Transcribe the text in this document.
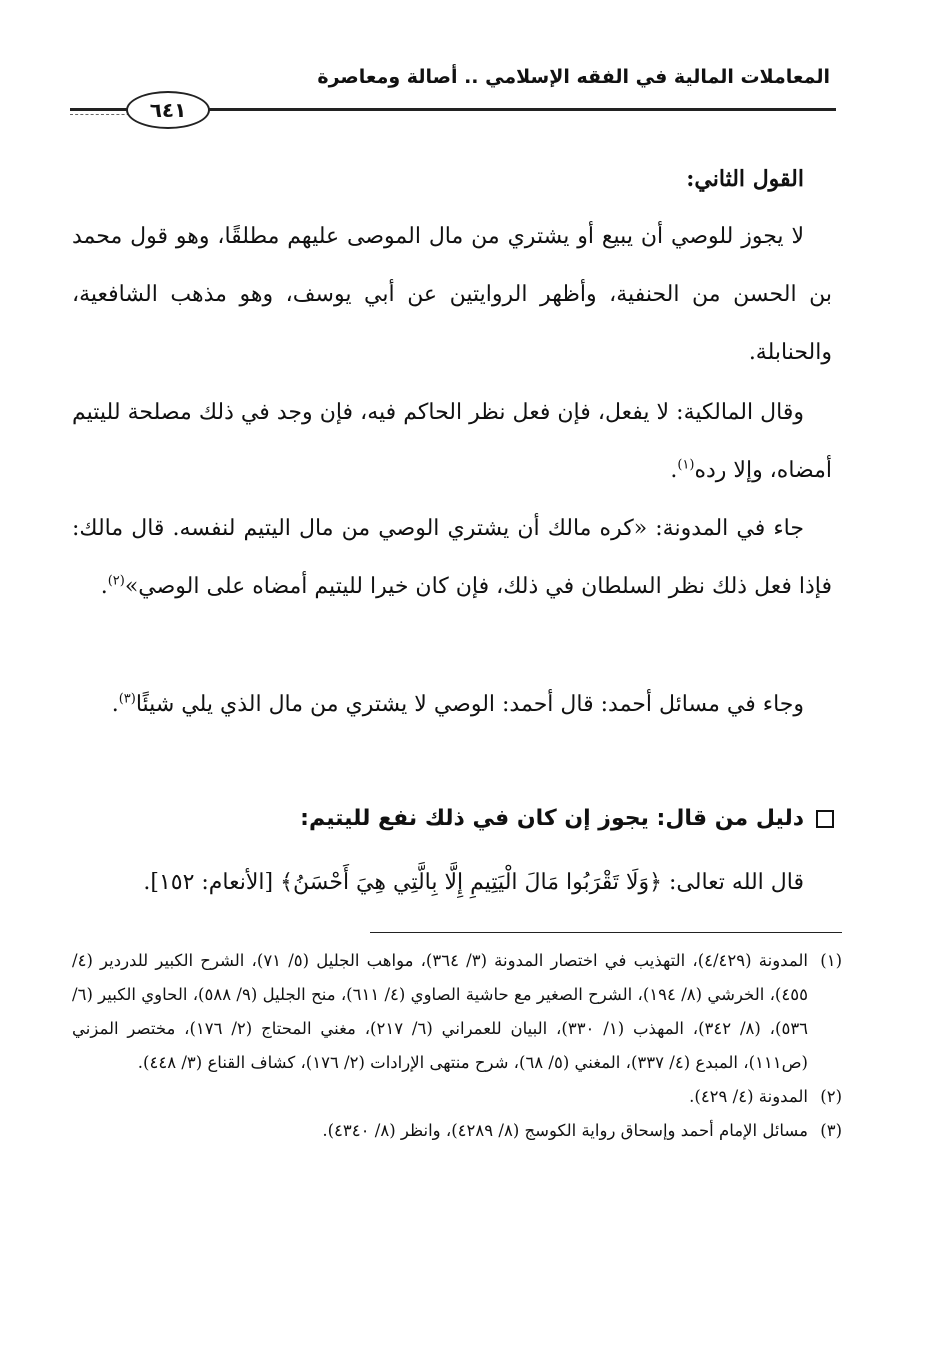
المعاملات المالية في الفقه الإسلامي .. أصالة ومعاصرة
٦٤١
القول الثاني:

لا يجوز للوصي أن يبيع أو يشتري من مال الموصى عليهم مطلقًا، وهو قول محمد بن الحسن من الحنفية، وأظهر الروايتين عن أبي يوسف، وهو مذهب الشافعية، والحنابلة.

وقال المالكية: لا يفعل، فإن فعل نظر الحاكم فيه، فإن وجد في ذلك مصلحة لليتيم أمضاه، وإلا رده$^{(١)}$.

جاء في المدونة: «كره مالك أن يشتري الوصي من مال اليتيم لنفسه. قال مالك: فإذا فعل ذلك نظر السلطان في ذلك، فإن كان خيرا لليتيم أمضاه على الوصي»$^{(٢)}$.

وجاء في مسائل أحمد: قال أحمد: الوصي لا يشتري من مال الذي يلي شيئًا$^{(٣)}$.

دليل من قال: يجوز إن كان في ذلك نفع لليتيم:

قال الله تعالى: ﴿وَلَا تَقْرَبُوا مَالَ الْيَتِيمِ إِلَّا بِالَّتِي هِيَ أَحْسَنُ﴾ [الأنعام: ١٥٢].

(١)
المدونة (٤/٤٢٩)، التهذيب في اختصار المدونة (٣/ ٣٦٤)، مواهب الجليل (٥/ ٧١)، الشرح الكبير للدردير (٤/ ٤٥٥)، الخرشي (٨/ ١٩٤)، الشرح الصغير مع حاشية الصاوي (٤/ ٦١١)، منح الجليل (٩/ ٥٨٨)، الحاوي الكبير (٦/ ٥٣٦)، (٨/ ٣٤٢)، المهذب (١/ ٣٣٠)، البيان للعمراني (٦/ ٢١٧)، مغني المحتاج (٢/ ١٧٦)، مختصر المزني (ص١١١)، المبدع (٤/ ٣٣٧)، المغني (٥/ ٦٨)، شرح منتهى الإرادات (٢/ ١٧٦)، كشاف القناع (٣/ ٤٤٨).

(٢)
المدونة (٤/ ٤٢٩).

(٣)
مسائل الإمام أحمد وإسحاق رواية الكوسج (٨/ ٤٢٨٩)، وانظر (٨/ ٤٣٤٠).
